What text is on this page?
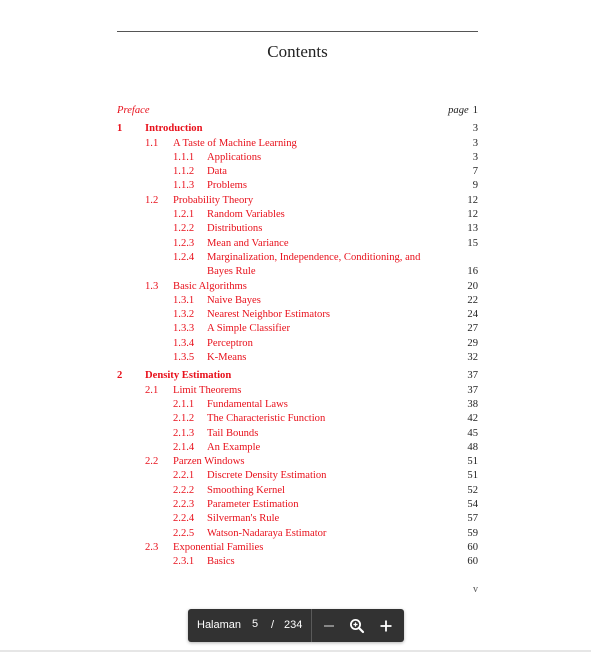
Contents
Preface	page 1
1 Introduction	3
1.1 A Taste of Machine Learning	3
1.1.1 Applications	3
1.1.2 Data	7
1.1.3 Problems	9
1.2 Probability Theory	12
1.2.1 Random Variables	12
1.2.2 Distributions	13
1.2.3 Mean and Variance	15
1.2.4 Marginalization, Independence, Conditioning, and
Bayes Rule	16
1.3 Basic Algorithms	20
1.3.1 Naive Bayes	22
1.3.2 Nearest Neighbor Estimators	24
1.3.3 A Simple Classifier	27
1.3.4 Perceptron	29
1.3.5 K-Means	32
2 Density Estimation	37
2.1 Limit Theorems	37
2.1.1 Fundamental Laws	38
2.1.2 The Characteristic Function	42
2.1.3 Tail Bounds	45
2.1.4 An Example	48
2.2 Parzen Windows	51
2.2.1 Discrete Density Estimation	51
2.2.2 Smoothing Kernel	52
2.2.3 Parameter Estimation	54
2.2.4 Silverman's Rule	57
2.2.5 Watson-Nadaraya Estimator	59
2.3 Exponential Families	60
2.3.1 Basics	60
v
Halaman 5	/ 234
